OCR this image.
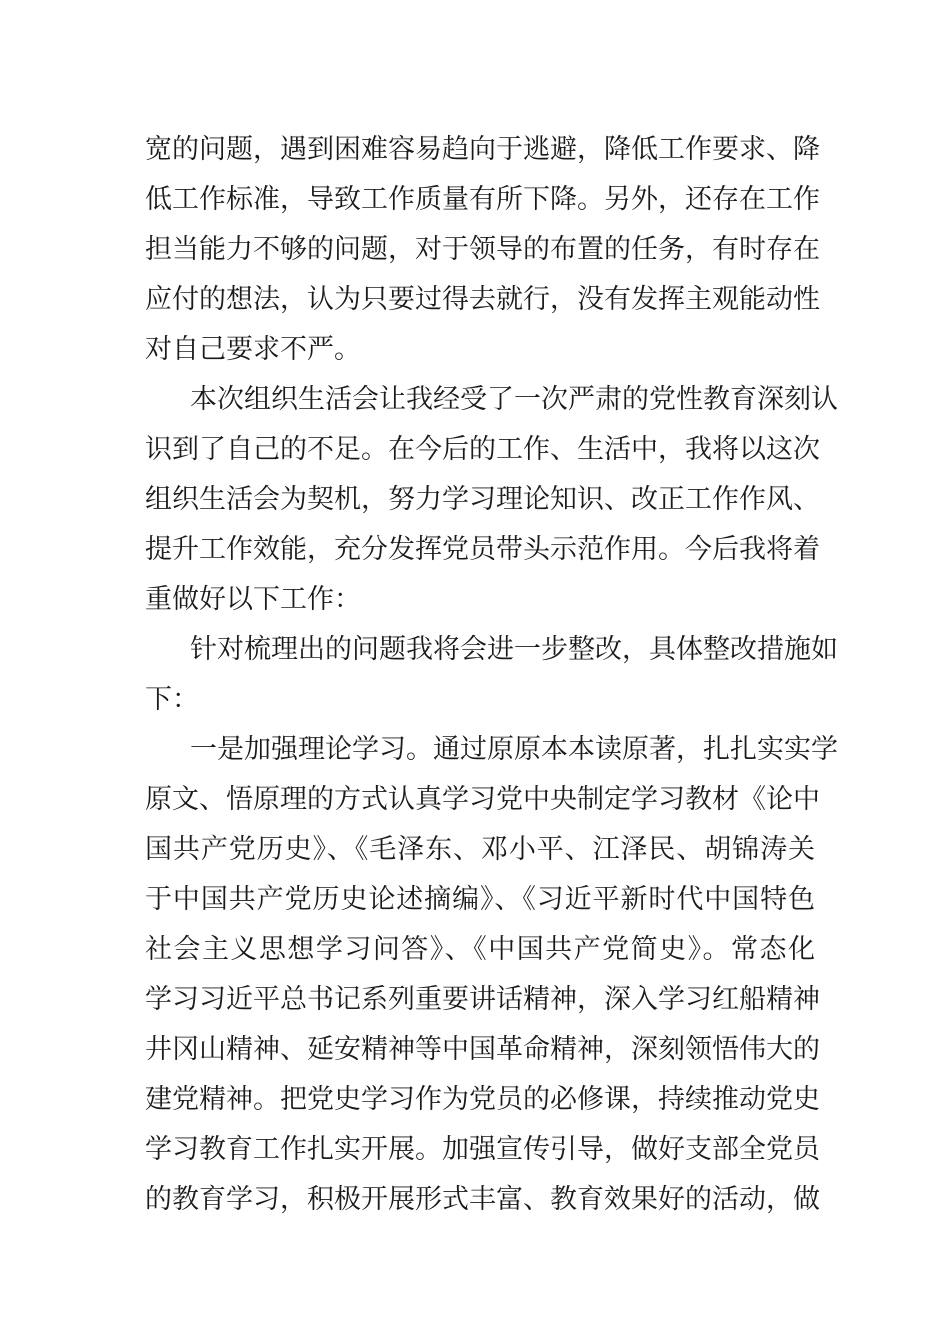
宽的问题，遇到困难容易趋向于逃避，降低工作要求、降
低工作标准，导致工作质量有所下降。另外，还存在工作
担当能力不够的问题，对于领导的布置的任务，有时存在
应付的想法，认为只要过得去就行，没有发挥主观能动性
对自己要求不严。
本次组织生活会让我经受了一次严肃的党性教育深刻认
识到了自己的不足。在今后的工作、生活中，我将以这次
组织生活会为契机，努力学习理论知识、改正工作作风、
提升工作效能，充分发挥党员带头示范作用。今后我将着
重做好以下工作：
针对梳理出的问题我将会进一步整改，具体整改措施如
下：
一是加强理论学习。通过原原本本读原著，扎扎实实学
原文、悟原理的方式认真学习党中央制定学习教材《论中
国共产党历史》、《毛泽东、邓小平、江泽民、胡锦涛关
于中国共产党历史论述摘编》、《习近平新时代中国特色
社会主义思想学习问答》、《中国共产党简史》。常态化
学习习近平总书记系列重要讲话精神，深入学习红船精神
井冈山精神、延安精神等中国革命精神，深刻领悟伟大的
建党精神。把党史学习作为党员的必修课，持续推动党史
学习教育工作扎实开展。加强宣传引导，做好支部全党员
的教育学习，积极开展形式丰富、教育效果好的活动，做
